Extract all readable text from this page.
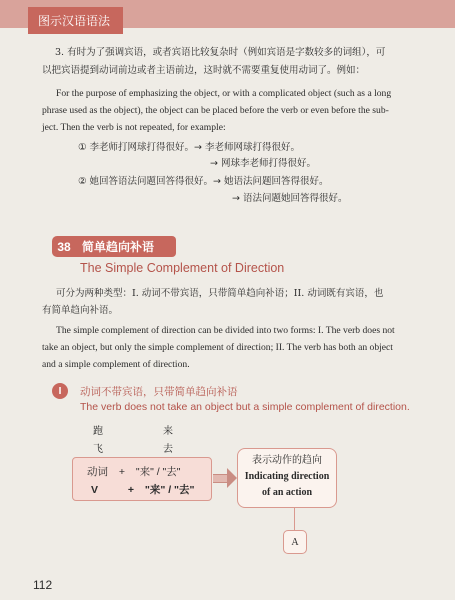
图示汉语语法
3. 有时为了强调宾语，或者宾语比较复杂时（例如宾语是字数较多的词组），可
以把宾语提到动词前边或者主语前边，这时就不需要重复使用动词了。例如：
For the purpose of emphasizing the object, or with a complicated object (such as a long
phrase used as the object), the object can be placed before the verb or even before the sub-
ject. Then the verb is not repeated, for example:
① 李老师打网球打得很好。→ 李老师网球打得很好。
→ 网球李老师打得很好。
② 她回答语法问题回答得很好。→ 她语法问题回答得很好。
→ 语法问题她回答得很好。
38 简单趋向补语
The Simple Complement of Direction
可分为两种类型：I. 动词不带宾语，只带简单趋向补语；II. 动词既有宾语，也
有简单趋向补语。
The simple complement of direction can be divided into two forms: I. The verb does not
take an object, but only the simple complement of direction; II. The verb has both an object
and a simple complement of direction.
I	动词不带宾语，只带简单趋向补语
The verb does not take an object but a simple complement of direction.
跑	来
飞	去
动词 + "来" / "去"
V	+ "来" / "去"
表示动作的趋向
Indicating direction
of an action
A
112
